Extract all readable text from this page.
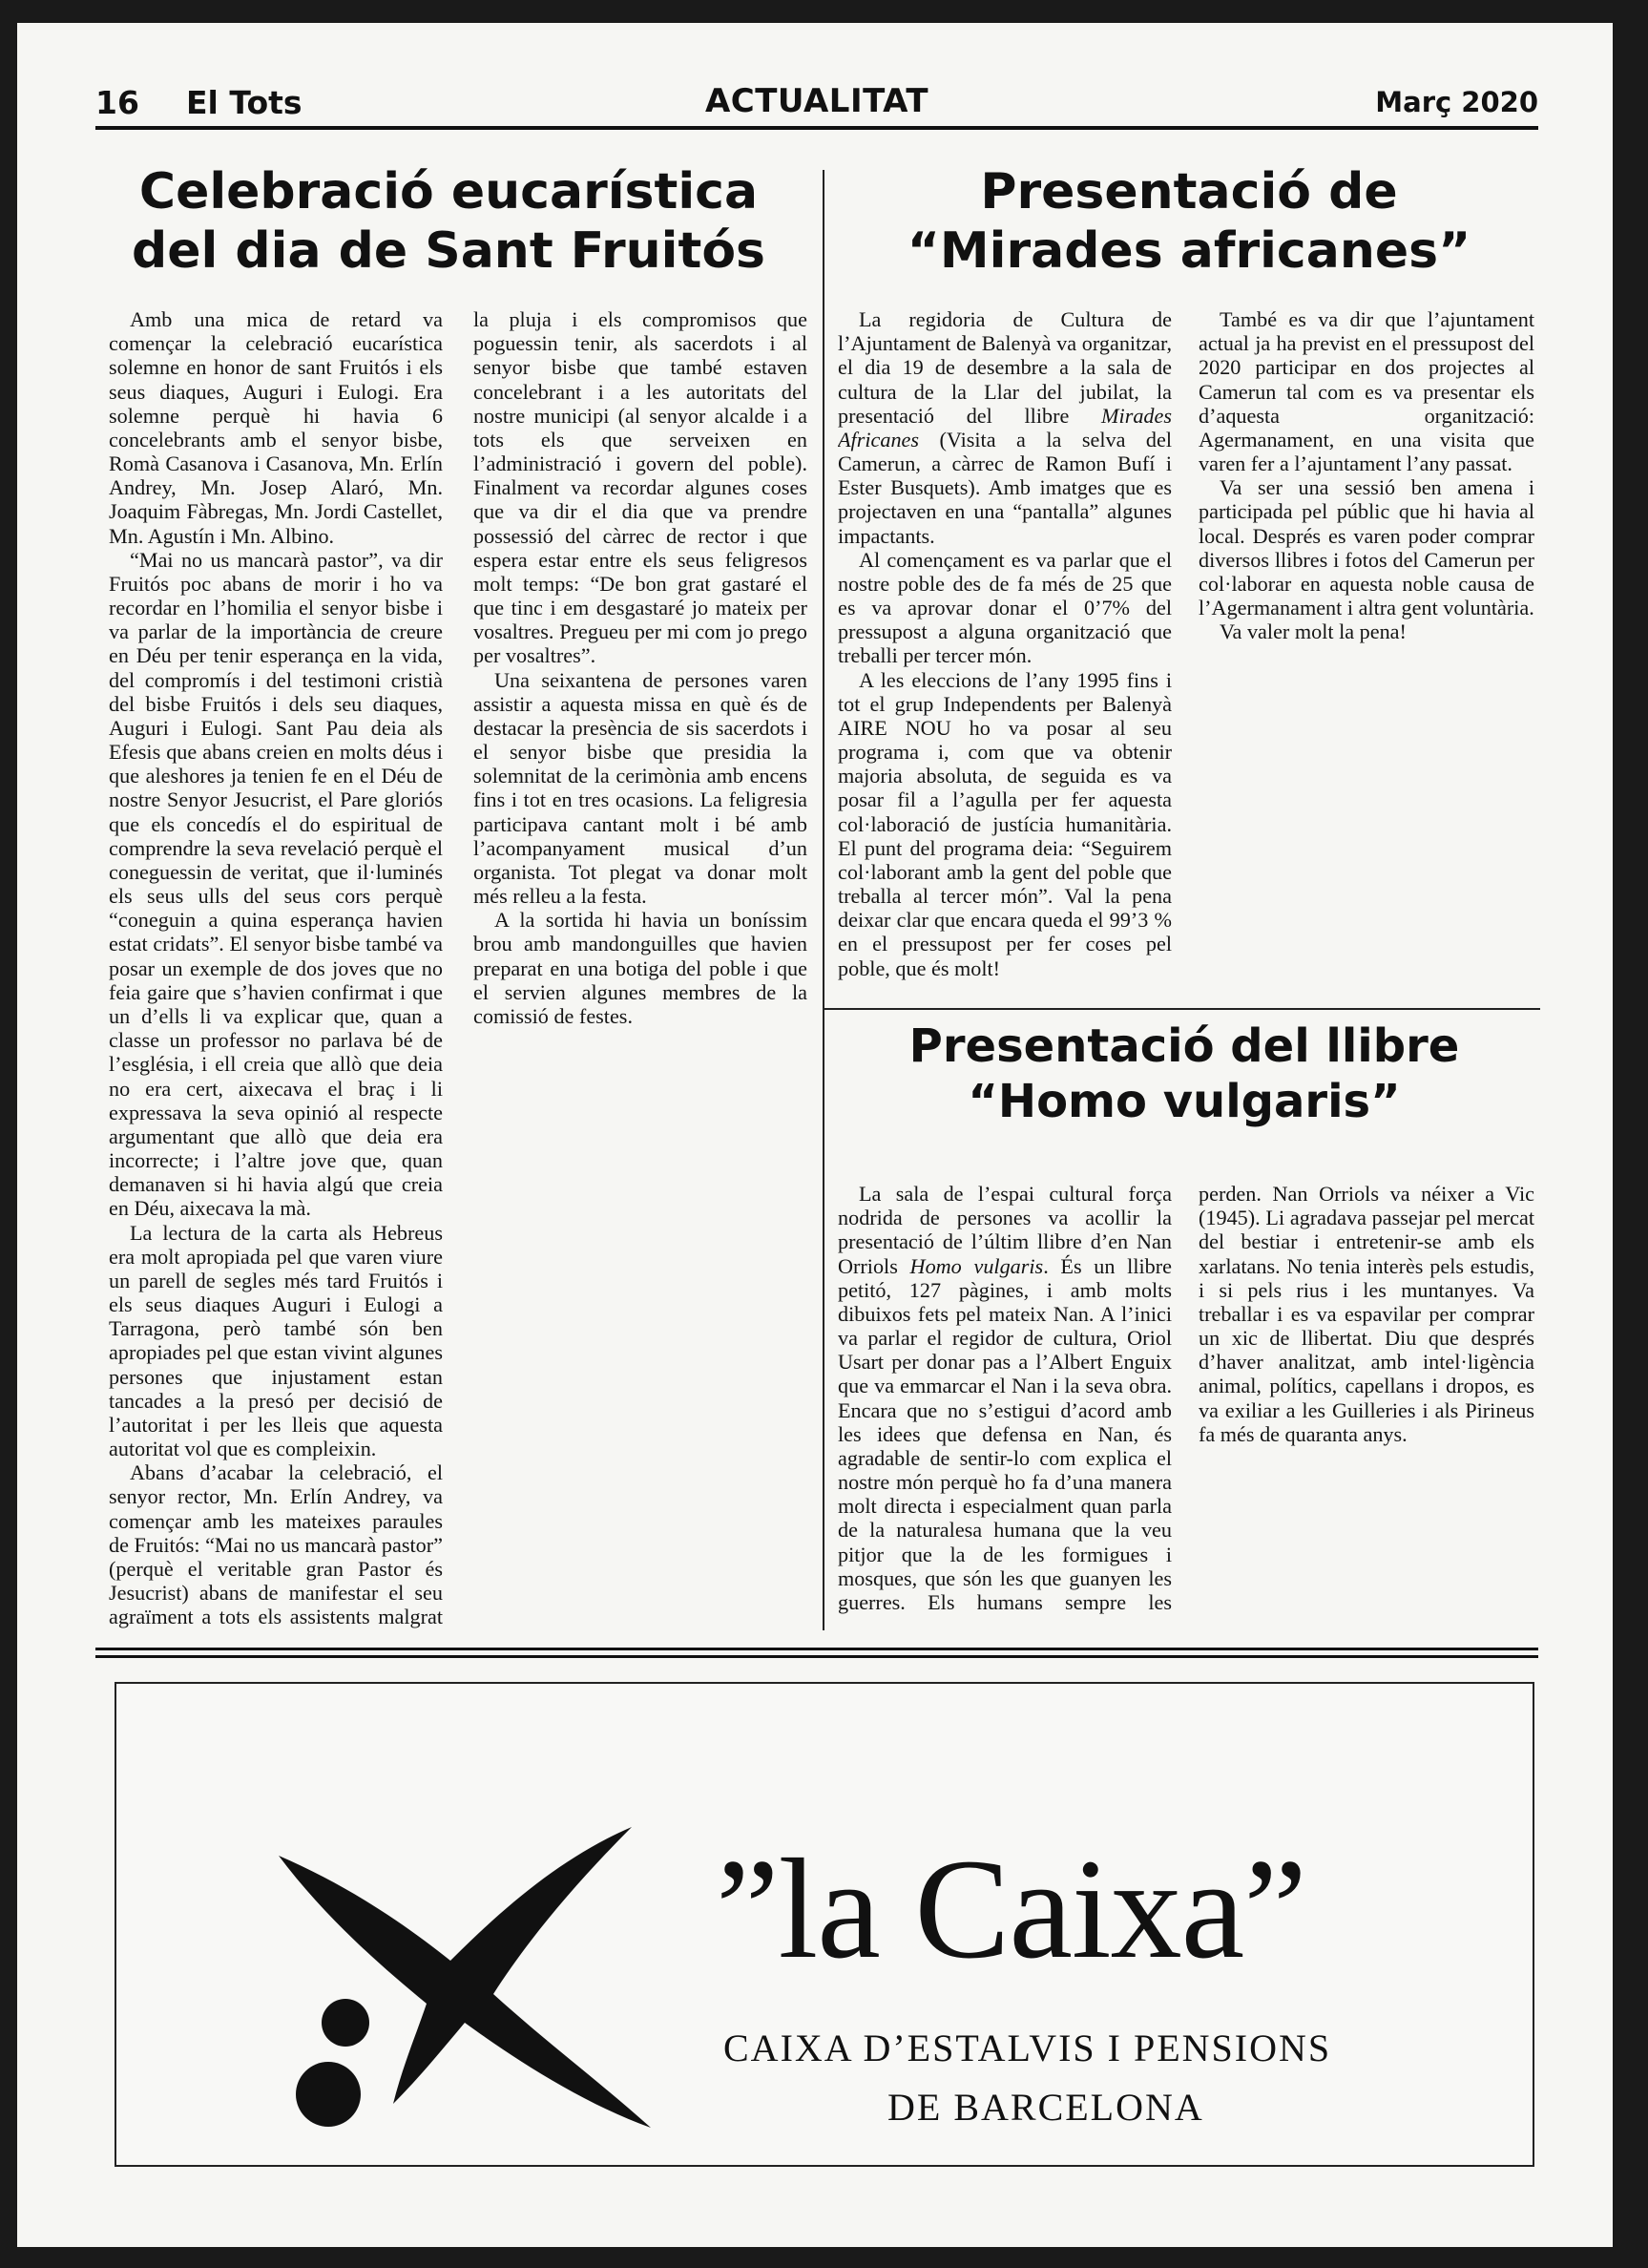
16 El Tots	ACTUALITAT	Març 2020
Celebració eucarística
del dia de Sant Fruitós

Amb una mica de retard va començar la celebració eucarística solemne en honor de sant Fruitós i els seus diaques, Auguri i Eulogi. Era solemne perquè hi havia 6 concelebrants amb el senyor bisbe, Romà Casanova i Casanova, Mn. Erlín Andrey, Mn. Josep Alaró, Mn. Joaquim Fàbregas, Mn. Jordi Castellet, Mn. Agustín i Mn. Albino.

“Mai no us mancarà pastor”, va dir Fruitós poc abans de morir i ho va recordar en l’homilia el senyor bisbe i va parlar de la importància de creure en Déu per tenir esperança en la vida, del compromís i del testimoni cristià del bisbe Fruitós i dels seu diaques, Auguri i Eulogi. Sant Pau deia als Efesis que abans creien en molts déus i que aleshores ja tenien fe en el Déu de nostre Senyor Jesucrist, el Pare gloriós que els concedís el do espiritual de comprendre la seva revelació perquè el coneguessin de veritat, que il·luminés els seus ulls del seus cors perquè “coneguin a quina esperança havien estat cridats”. El senyor bisbe també va posar un exemple de dos joves que no feia gaire que s’havien confirmat i que un d’ells li va explicar que, quan a classe un professor no parlava bé de l’església, i ell creia que allò que deia no era cert, aixecava el braç i li expressava la seva opinió al respecte argumentant que allò que deia era incorrecte; i l’altre jove que, quan demanaven si hi havia algú que creia en Déu, aixecava la mà.

La lectura de la carta als Hebreus era molt apropiada pel que varen viure un parell de segles més tard Fruitós i els seus diaques Auguri i Eulogi a Tarragona, però també són ben apropiades pel que estan vivint algunes persones que injustament estan tancades a la presó per decisió de l’autoritat i per les lleis que aquesta autoritat vol que es compleixin.

Abans d’acabar la celebració, el senyor rector, Mn. Erlín Andrey, va començar amb les mateixes paraules de Fruitós: “Mai no us mancarà pastor” (perquè el veritable gran Pastor és Jesucrist) abans de manifestar el seu agraïment a tots els assistents malgrat

la pluja i els compromisos que poguessin tenir, als sacerdots i al senyor bisbe que també estaven concelebrant i a les autoritats del nostre municipi (al senyor alcalde i a tots els que serveixen en l’administració i govern del poble). Finalment va recordar algunes coses que va dir el dia que va prendre possessió del càrrec de rector i que espera estar entre els seus feligresos molt temps: “De bon grat gastaré el que tinc i em desgastaré jo mateix per vosaltres. Pregueu per mi com jo prego per vosaltres”.

Una seixantena de persones varen assistir a aquesta missa en què és de destacar la presència de sis sacerdots i el senyor bisbe que presidia la solemnitat de la cerimònia amb encens fins i tot en tres ocasions. La feligresia participava cantant molt i bé amb l’acompanyament musical d’un organista. Tot plegat va donar molt més relleu a la festa.

A la sortida hi havia un boníssim brou amb mandonguilles que havien preparat en una botiga del poble i que el servien algunes membres de la comissió de festes.

Presentació de
“Mirades africanes”

La regidoria de Cultura de l’Ajuntament de Balenyà va organitzar, el dia 19 de desembre a la sala de cultura de la Llar del jubilat, la presentació del llibre Mirades Africanes (Visita a la selva del Camerun, a càrrec de Ramon Bufí i Ester Busquets). Amb imatges que es projectaven en una “pantalla” algunes impactants.

Al començament es va parlar que el nostre poble des de fa més de 25 que es va aprovar donar el 0’7% del pressupost a alguna organització que treballi per tercer món.

A les eleccions de l’any 1995 fins i tot el grup Independents per Balenyà AIRE NOU ho va posar al seu programa i, com que va obtenir majoria absoluta, de seguida es va posar fil a l’agulla per fer aquesta col·laboració de justícia humanitària. El punt del programa deia: “Seguirem col·laborant amb la gent del poble que treballa al tercer món”. Val la pena deixar clar que encara queda el 99’3 % en el pressupost per fer coses pel poble, que és molt!

També es va dir que l’ajuntament actual ja ha previst en el pressupost del 2020 participar en dos projectes al Camerun tal com es va presentar els d’aquesta organització: Agermanament, en una visita que varen fer a l’ajuntament l’any passat.

Va ser una sessió ben amena i participada pel públic que hi havia al local. Després es varen poder comprar diversos llibres i fotos del Camerun per col·laborar en aquesta noble causa de l’Agermanament i altra gent voluntària.

Va valer molt la pena!

Presentació del llibre
“Homo vulgaris”

La sala de l’espai cultural força nodrida de persones va acollir la presentació de l’últim llibre d’en Nan Orriols Homo vulgaris. És un llibre petitó, 127 pàgines, i amb molts dibuixos fets pel mateix Nan. A l’inici va parlar el regidor de cultura, Oriol Usart per donar pas a l’Albert Enguix que va emmarcar el Nan i la seva obra. Encara que no s’estigui d’acord amb les idees que defensa en Nan, és agradable de sentir-lo com explica el nostre món perquè ho fa d’una manera molt directa i especialment quan parla de la naturalesa humana que la veu pitjor que la de les formigues i mosques, que són les que guanyen les guerres. Els humans sempre les

perden. Nan Orriols va néixer a Vic (1945). Li agradava passejar pel mercat del bestiar i entretenir-se amb els xarlatans. No tenia interès pels estudis, i si pels rius i les muntanyes. Va treballar i es va espavilar per comprar un xic de llibertat. Diu que després d’haver analitzat, amb intel·ligència animal, polítics, capellans i dropos, es va exiliar a les Guilleries i als Pirineus fa més de quaranta anys.

”la Caixa”
CAIXA D’ESTALVIS I PENSIONS
DE BARCELONA
